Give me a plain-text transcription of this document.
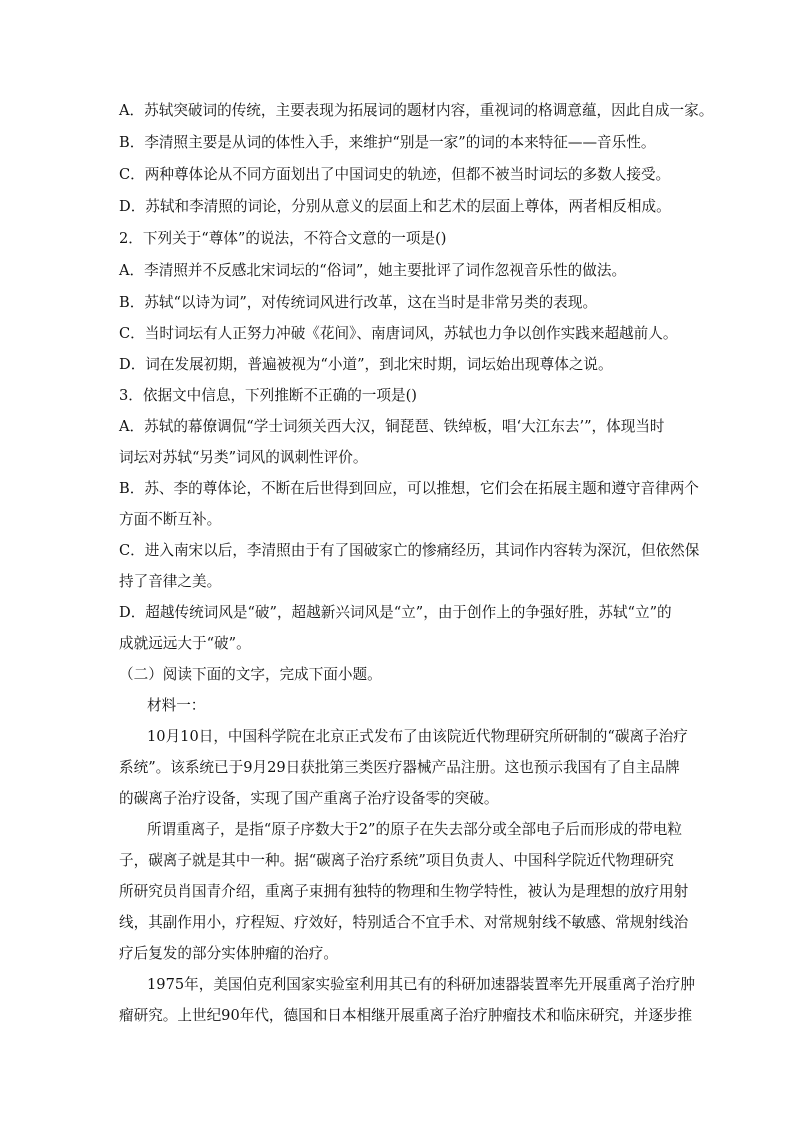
A．苏轼突破词的传统，主要表现为拓展词的题材内容，重视词的格调意蕴，因此自成一家。
B．李清照主要是从词的体性入手，来维护“别是一家”的词的本来特征——音乐性。
C．两种尊体论从不同方面划出了中国词史的轨迹，但都不被当时词坛的多数人接受。
D．苏轼和李清照的词论，分别从意义的层面上和艺术的层面上尊体，两者相反相成。
2．下列关于“尊体”的说法，不符合文意的一项是()
A．李清照并不反感北宋词坛的“俗词”，她主要批评了词作忽视音乐性的做法。
B．苏轼“以诗为词”，对传统词风进行改革，这在当时是非常另类的表现。
C．当时词坛有人正努力冲破《花间》、南唐词风，苏轼也力争以创作实践来超越前人。
D．词在发展初期，普遍被视为“小道”，到北宋时期，词坛始出现尊体之说。
3．依据文中信息，下列推断不正确的一项是()
A．苏轼的幕僚调侃“学士词须关西大汉，铜琵琶、铁绰板，唱‘大江东去’”，体现当时
词坛对苏轼“另类”词风的讽刺性评价。
B．苏、李的尊体论，不断在后世得到回应，可以推想，它们会在拓展主题和遵守音律两个
方面不断互补。
C．进入南宋以后，李清照由于有了国破家亡的惨痛经历，其词作内容转为深沉，但依然保
持了音律之美。
D．超越传统词风是“破”，超越新兴词风是“立”，由于创作上的争强好胜，苏轼“立”的
成就远远大于“破”。
（二）阅读下面的文字，完成下面小题。
材料一：
10月10日，中国科学院在北京正式发布了由该院近代物理研究所研制的“碳离子治疗
系统”。该系统已于9月29日获批第三类医疗器械产品注册。这也预示我国有了自主品牌
的碳离子治疗设备，实现了国产重离子治疗设备零的突破。
所谓重离子，是指“原子序数大于2”的原子在失去部分或全部电子后而形成的带电粒
子，碳离子就是其中一种。据“碳离子治疗系统”项目负责人、中国科学院近代物理研究
所研究员肖国青介绍，重离子束拥有独特的物理和生物学特性，被认为是理想的放疗用射
线，其副作用小，疗程短、疗效好，特别适合不宜手术、对常规射线不敏感、常规射线治
疗后复发的部分实体肿瘤的治疗。
1975年，美国伯克利国家实验室利用其已有的科研加速器装置率先开展重离子治疗肿
瘤研究。上世纪90年代，德国和日本相继开展重离子治疗肿瘤技术和临床研究，并逐步推
